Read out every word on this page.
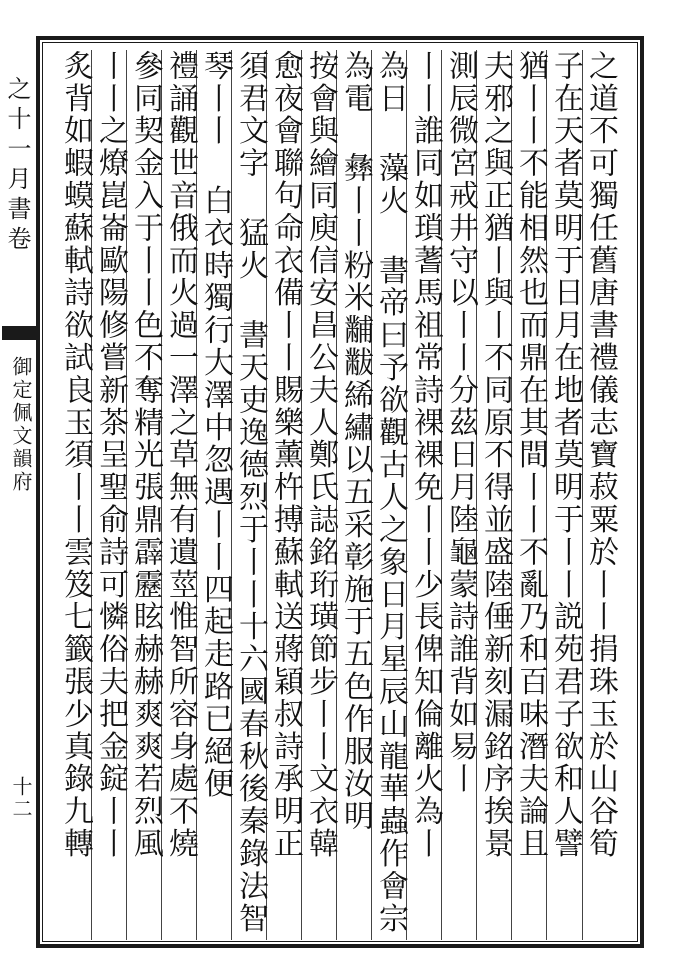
之十一月書卷
御定佩文韻府
十二	之道不可獨任舊唐書禮儀志寶菽粟於丨丨捐珠玉於山谷筍
子在天者莫明于日月在地者莫明于丨丨説苑君子欲和人譬
猶丨丨不能相然也而鼎在其間丨丨不亂乃和百味潛夫論且
夫邪之與正猶丨與丨不同原不得並盛陸倕新刻漏銘序挨景
測辰微宮戒井守以丨丨分茲日月陸龜蒙詩誰背如易丨
丨丨誰同如瑣蓍馬祖常詩裸裸免丨丨少長俾知倫離火為丨
為日 藻火 書帝曰予欲觀古人之象日月星辰山龍華蟲作會宗
為電 彝丨丨粉米黼黻絺繡以五采彰施于五色作服汝明
按會與繪同庾信安昌公夫人鄭氏誌銘珩璜節步丨丨文衣韓
愈夜會聯句命衣備丨丨賜樂薰杵搏蘇軾送蔣穎叔詩承明正
須君文字 猛火 書天吏逸德烈于丨丨十六國春秋後秦錄法智
琴丨丨 白衣時獨行大澤中忽遇丨丨四起走路已絕便
禮誦觀世音俄而火過一澤之草無有遺莖惟智所容身處不燒
參同契金入于丨丨色不奪精光張鼎霹靂眩赫赫爽爽若烈風
丨丨之燎崑崙歐陽修嘗新茶呈聖俞詩可憐俗夫把金錠丨丨
炙背如蝦蟆蘇軾詩欲試良玉須丨丨雲笈七籤張少真錄九轉
